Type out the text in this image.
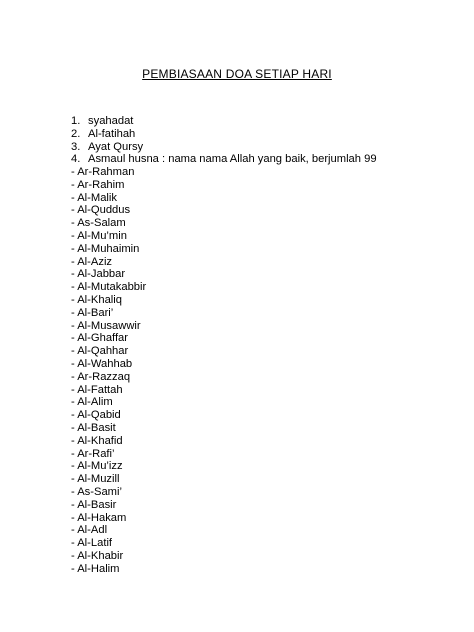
PEMBIASAAN DOA SETIAP HARI
1. syahadat
2. Al-fatihah
3. Ayat Qursy
4. Asmaul husna : nama nama Allah yang baik, berjumlah 99
- Ar-Rahman
- Ar-Rahim
- Al-Malik
- Al-Quddus
- As-Salam
- Al-Mu’min
- Al-Muhaimin
- Al-Aziz
- Al-Jabbar
- Al-Mutakabbir
- Al-Khaliq
- Al-Bari’
- Al-Musawwir
- Al-Ghaffar
- Al-Qahhar
- Al-Wahhab
- Ar-Razzaq
- Al-Fattah
- Al-Alim
- Al-Qabid
- Al-Basit
- Al-Khafid
- Ar-Rafi’
- Al-Mu’izz
- Al-Muzill
- As-Sami’
- Al-Basir
- Al-Hakam
- Al-Adl
- Al-Latif
- Al-Khabir
- Al-Halim
